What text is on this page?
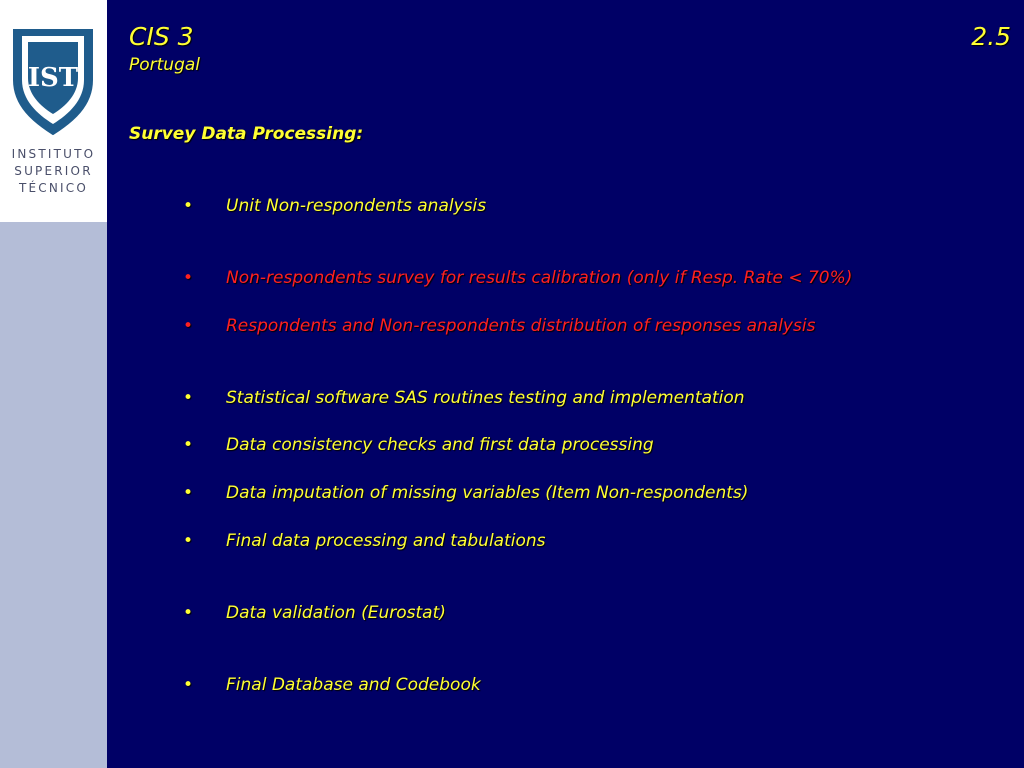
IST
INSTITUTO
SUPERIOR
TÉCNICO
CIS 3
Portugal
2.5
Survey Data Processing:
• Unit Non-respondents analysis
• Non-respondents survey for results calibration (only if Resp. Rate < 70%)
• Respondents and Non-respondents distribution of responses analysis
• Statistical software SAS routines testing and implementation
• Data consistency checks and first data processing
• Data imputation of missing variables (Item Non-respondents)
• Final data processing and tabulations
• Data validation (Eurostat)
• Final Database and Codebook
